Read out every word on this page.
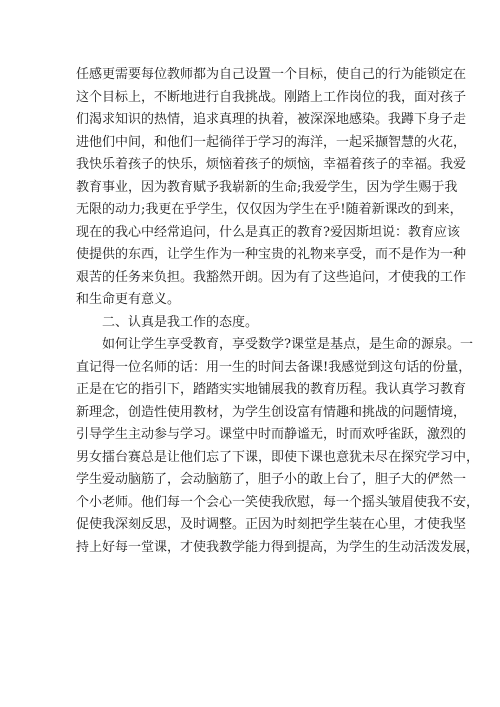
任感更需要每位教师都为自己设置一个目标，使自己的行为能锁定在
这个目标上，不断地进行自我挑战。刚踏上工作岗位的我，面对孩子
们渴求知识的热情，追求真理的执着，被深深地感染。我蹲下身子走
进他们中间，和他们一起徜徉于学习的海洋，一起采撷智慧的火花，
我快乐着孩子的快乐，烦恼着孩子的烦恼，幸福着孩子的幸福。我爱
教育事业，因为教育赋予我崭新的生命;我爱学生，因为学生赐于我
无限的动力;我更在乎学生，仅仅因为学生在乎!随着新课改的到来，
现在的我心中经常追问，什么是真正的教育?爱因斯坦说：教育应该
使提供的东西，让学生作为一种宝贵的礼物来享受，而不是作为一种
艰苦的任务来负担。我豁然开朗。因为有了这些追问，才使我的工作
和生命更有意义。
　　二、认真是我工作的态度。
　　如何让学生享受教育，享受数学?课堂是基点，是生命的源泉。一
直记得一位名师的话：用一生的时间去备课!我感觉到这句话的份量，
正是在它的指引下，踏踏实实地铺展我的教育历程。我认真学习教育
新理念，创造性使用教材，为学生创设富有情趣和挑战的问题情境，
引导学生主动参与学习。课堂中时而静谧无，时而欢呼雀跃，激烈的
男女擂台赛总是让他们忘了下课，即使下课也意犹未尽在探究学习中，
学生爱动脑筋了，会动脑筋了，胆子小的敢上台了，胆子大的俨然一
个小老师。他们每一个会心一笑使我欣慰，每一个摇头皱眉使我不安，
促使我深刻反思，及时调整。正因为时刻把学生装在心里，才使我坚
持上好每一堂课，才使我教学能力得到提高，为学生的生动活泼发展，
